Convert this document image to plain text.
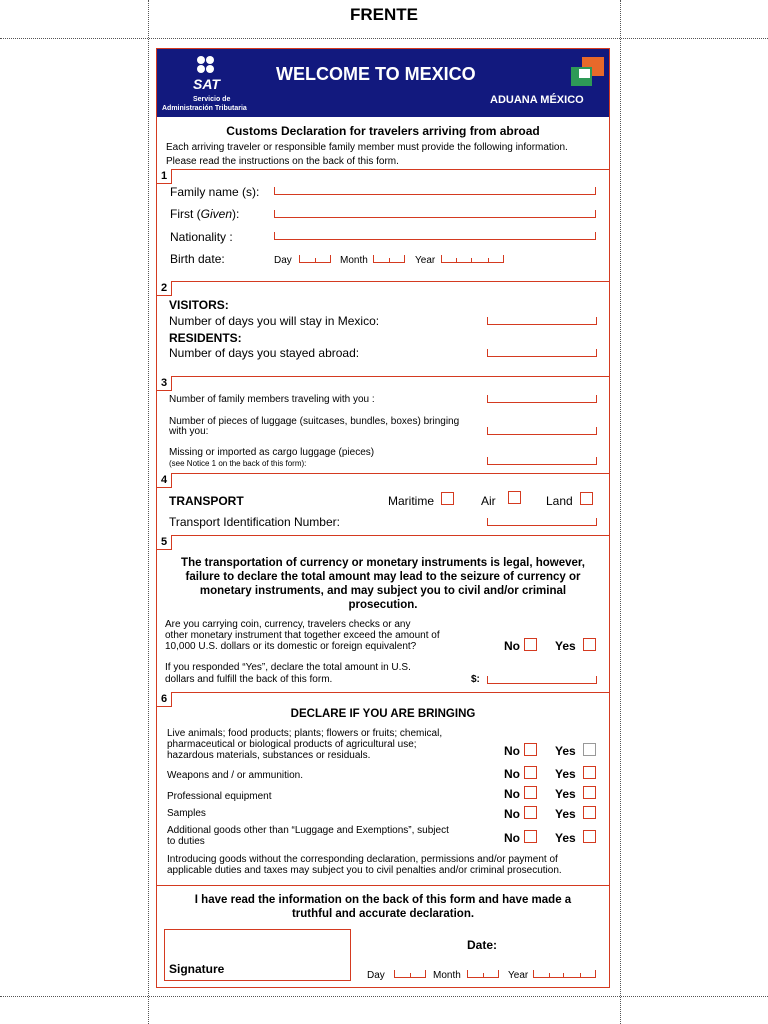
FRENTE
SAT
Servicio de
Administración Tributaria
WELCOME TO MEXICO
ADUANA MÉXICO
Customs Declaration for travelers arriving from abroad
Each arriving traveler or responsible family member must provide the following information.
Please read the instructions on the back of this form.
1
Family name (s):
First (Given):
Nationality :
Birth date:	Day	Month	Year
2
VISITORS:
Number of days you will stay in Mexico:
RESIDENTS:
Number of days you stayed abroad:
3
Number of family members traveling with you :
Number of pieces of luggage (suitcases, bundles, boxes) bringing
with you:
Missing or imported as cargo luggage (pieces)
(see Notice 1 on the back of this form):
4
TRANSPORT	Maritime	Air	Land
Transport Identification Number:
5
The transportation of currency or monetary instruments is legal, however,
failure to declare the total amount may lead to the seizure of currency or
monetary instruments, and may subject you to civil and/or criminal
prosecution.
Are you carrying coin, currency, travelers checks or any
other monetary instrument that together exceed the amount of
10,000 U.S. dollars or its domestic or foreign equivalent?	No	Yes
If you responded “Yes”, declare the total amount in U.S.
dollars and fulfill the back of this form.	$:
6
DECLARE IF YOU ARE BRINGING
Live animals; food products; plants; flowers or fruits; chemical,
pharmaceutical or biological products of agricultural use;
hazardous materials, substances or residuals.	No	Yes
Weapons and / or ammunition.	No	Yes
Professional equipment	No	Yes
Samples	No	Yes
Additional goods other than “Luggage and Exemptions”, subject
to duties	No	Yes
Introducing goods without the corresponding declaration, permissions and/or payment of
applicable duties and taxes may subject you to civil penalties and/or criminal prosecution.
I have read the information on the back of this form and have made a
truthful and accurate declaration.
Signature
Date:
Day	Month	Year
